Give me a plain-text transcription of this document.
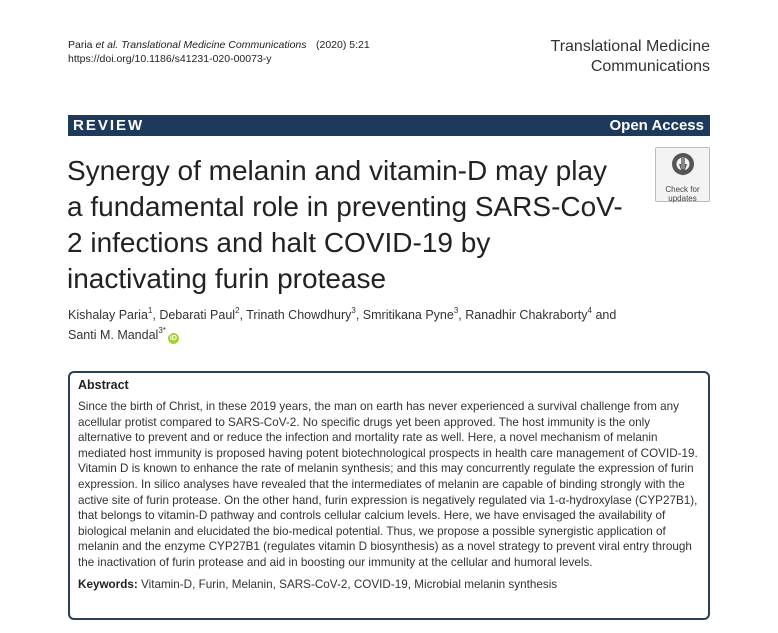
Paria et al. Translational Medicine Communications (2020) 5:21
https://doi.org/10.1186/s41231-020-00073-y
Translational Medicine
Communications
REVIEW	Open Access
Synergy of melanin and vitamin-D may play a fundamental role in preventing SARS-CoV-2 infections and halt COVID-19 by inactivating furin protease
Check for
updates
Kishalay Paria$^1$, Debarati Paul$^2$, Trinath Chowdhury$^3$, Smritikana Pyne$^3$, Ranadhir Chakraborty$^4$ and
Santi M. Mandal$^{3*}$iD
Abstract
Since the birth of Christ, in these 2019 years, the man on earth has never experienced a survival challenge from any acellular protist compared to SARS-CoV-2. No specific drugs yet been approved. The host immunity is the only alternative to prevent and or reduce the infection and mortality rate as well. Here, a novel mechanism of melanin mediated host immunity is proposed having potent biotechnological prospects in health care management of COVID-19. Vitamin D is known to enhance the rate of melanin synthesis; and this may concurrently regulate the expression of furin expression. In silico analyses have revealed that the intermediates of melanin are capable of binding strongly with the active site of furin protease. On the other hand, furin expression is negatively regulated via 1-α-hydroxylase (CYP27B1), that belongs to vitamin-D pathway and controls cellular calcium levels. Here, we have envisaged the availability of biological melanin and elucidated the bio-medical potential. Thus, we propose a possible synergistic application of melanin and the enzyme CYP27B1 (regulates vitamin D biosynthesis) as a novel strategy to prevent viral entry through the inactivation of furin protease and aid in boosting our immunity at the cellular and humoral levels.
Keywords: Vitamin-D, Furin, Melanin, SARS-CoV-2, COVID-19, Microbial melanin synthesis
